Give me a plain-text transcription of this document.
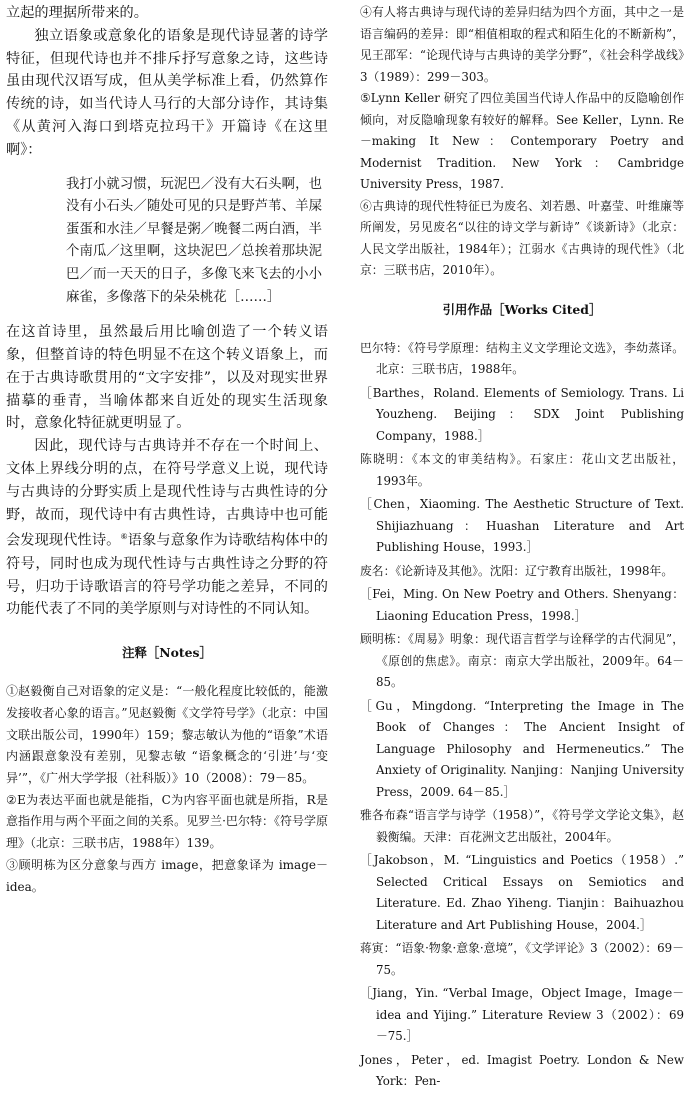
立起的理据所带来的。

独立语象或意象化的语象是现代诗显著的诗学特征，但现代诗也并不排斥抒写意象之诗，这些诗虽由现代汉语写成，但从美学标准上看，仍然算作传统的诗，如当代诗人马行的大部分诗作，其诗集《从黄河入海口到塔克拉玛干》开篇诗《在这里啊》：

我打小就习惯，玩泥巴／没有大石头啊，也没有小石头／随处可见的只是野芦苇、羊屎蛋蛋和水洼／早餐是粥／晚餐二两白酒，半个南瓜／这里啊，这块泥巴／总挨着那块泥巴／而一天天的日子，多像飞来飞去的小小麻雀，多像落下的朵朵桃花［……］

在这首诗里，虽然最后用比喻创造了一个转义语象，但整首诗的特色明显不在这个转义语象上，而在于古典诗歌贯用的“文字安排”，以及对现实世界描摹的垂青，当喻体都来自近处的现实生活现象时，意象化特征就更明显了。

因此，现代诗与古典诗并不存在一个时间上、文体上界线分明的点，在符号学意义上说，现代诗与古典诗的分野实质上是现代性诗与古典性诗的分野，故而，现代诗中有古典性诗，古典诗中也可能会发现现代性诗。⑥语象与意象作为诗歌结构体中的符号，同时也成为现代性诗与古典性诗之分野的符号，归功于诗歌语言的符号学功能之差异，不同的功能代表了不同的美学原则与对诗性的不同认知。

注释［Notes］

①赵毅衡自己对语象的定义是：“一般化程度比较低的，能激发接收者心象的语言。”见赵毅衡《文学符号学》（北京：中国文联出版公司，1990年）159；黎志敏认为他的“语象”术语内涵跟意象没有差别，见黎志敏 “语象概念的‘引进’与‘变异’”，《广州大学学报（社科版）》10（2008）：79－85。

②E为表达平面也就是能指，C为内容平面也就是所指，R是意指作用与两个平面之间的关系。见罗兰·巴尔特：《符号学原理》（北京：三联书店，1988年）139。

③顾明栋为区分意象与西方 image，把意象译为 image－idea。

④有人将古典诗与现代诗的差异归结为四个方面，其中之一是语言编码的差异：即“相值相取的程式和陌生化的不断新构”，见王邵军：“论现代诗与古典诗的美学分野”，《社会科学战线》3（1989）：299－303。

⑤Lynn Keller 研究了四位美国当代诗人作品中的反隐喻创作倾向，对反隐喻现象有较好的解释。See Keller，Lynn. Re－making It New：Contemporary Poetry and Modernist Tradition. New York：Cambridge University Press，1987.

⑥古典诗的现代性特征已为废名、刘若愚、叶嘉莹、叶维廉等所阐发，另见废名“以往的诗文学与新诗”《谈新诗》（北京：人民文学出版社，1984年）；江弱水《古典诗的现代性》（北京：三联书店，2010年）。

引用作品［Works Cited］

巴尔特：《符号学原理：结构主义文学理论文选》，李幼蒸译。北京：三联书店，1988年。

［Barthes，Roland. Elements of Semiology. Trans. Li Youzheng. Beijing：SDX Joint Publishing Company，1988.］

陈晓明：《本文的审美结构》。石家庄：花山文艺出版社，1993年。

［Chen，Xiaoming. The Aesthetic Structure of Text. Shijiazhuang：Huashan Literature and Art Publishing House，1993.］

废名：《论新诗及其他》。沈阳：辽宁教育出版社，1998年。

［Fei，Ming. On New Poetry and Others. Shenyang：Liaoning Education Press，1998.］

顾明栋：《周易》明象：现代语言哲学与诠释学的古代洞见”，《原创的焦虑》。南京：南京大学出版社，2009年。64－85。

［Gu，Mingdong. “Interpreting the Image in The Book of Changes：The Ancient Insight of Language Philosophy and Hermeneutics.” The Anxiety of Originality. Nanjing：Nanjing University Press，2009. 64－85.］

雅各布森“语言学与诗学（1958）”，《符号学文学论文集》，赵毅衡编。天津：百花洲文艺出版社，2004年。

［Jakobson，M. “Linguistics and Poetics（1958）.” Selected Critical Essays on Semiotics and Literature. Ed. Zhao Yiheng. Tianjin：Baihuazhou Literature and Art Publishing House，2004.］

蒋寅：“语象·物象·意象·意境”，《文学评论》3（2002）：69－75。

［Jiang，Yin. “Verbal Image，Object Image，Image－idea and Yijing.” Literature Review 3（2002）：69－75.］

Jones，Peter，ed. Imagist Poetry. London & New York：Pen-
